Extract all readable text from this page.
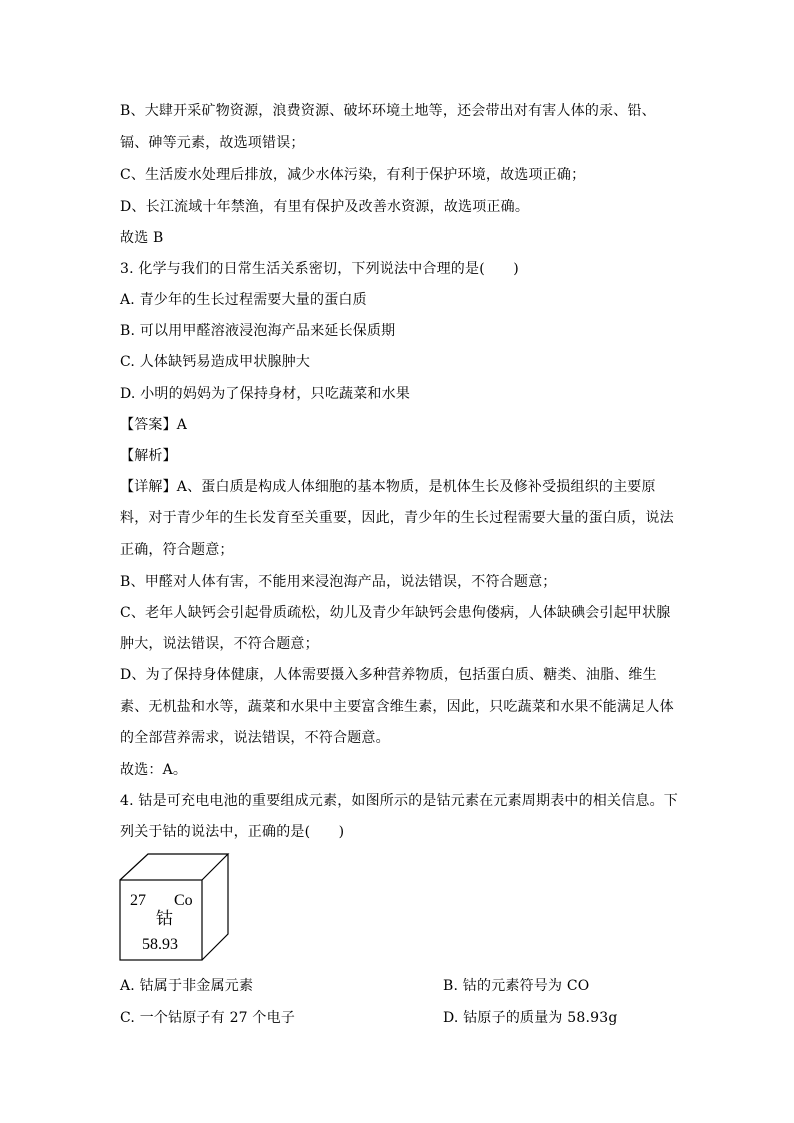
B、大肆开采矿物资源，浪费资源、破坏环境土地等，还会带出对有害人体的汞、铅、
镉、砷等元素，故选项错误；
C、生活废水处理后排放，减少水体污染，有利于保护环境，故选项正确；
D、长江流域十年禁渔，有里有保护及改善水资源，故选项正确。
故选 B
3. 化学与我们的日常生活关系密切，下列说法中合理的是(　　)
A. 青少年的生长过程需要大量的蛋白质
B. 可以用甲醛溶液浸泡海产品来延长保质期
C. 人体缺钙易造成甲状腺肿大
D. 小明的妈妈为了保持身材，只吃蔬菜和水果
【答案】A
【解析】
【详解】A、蛋白质是构成人体细胞的基本物质，是机体生长及修补受损组织的主要原
料，对于青少年的生长发育至关重要，因此，青少年的生长过程需要大量的蛋白质，说法
正确，符合题意；
B、甲醛对人体有害，不能用来浸泡海产品，说法错误，不符合题意；
C、老年人缺钙会引起骨质疏松，幼儿及青少年缺钙会患佝偻病，人体缺碘会引起甲状腺
肿大，说法错误，不符合题意；
D、为了保持身体健康，人体需要摄入多种营养物质，包括蛋白质、糖类、油脂、维生
素、无机盐和水等，蔬菜和水果中主要富含维生素，因此，只吃蔬菜和水果不能满足人体
的全部营养需求，说法错误，不符合题意。
故选：A。
4. 钴是可充电电池的重要组成元素，如图所示的是钴元素在元素周期表中的相关信息。下
列关于钴的说法中，正确的是(　　)
27 Co
钴
58.93
A. 钴属于非金属元素	B. 钴的元素符号为 CO
C. 一个钴原子有 27 个电子	D. 钴原子的质量为 58.93g
